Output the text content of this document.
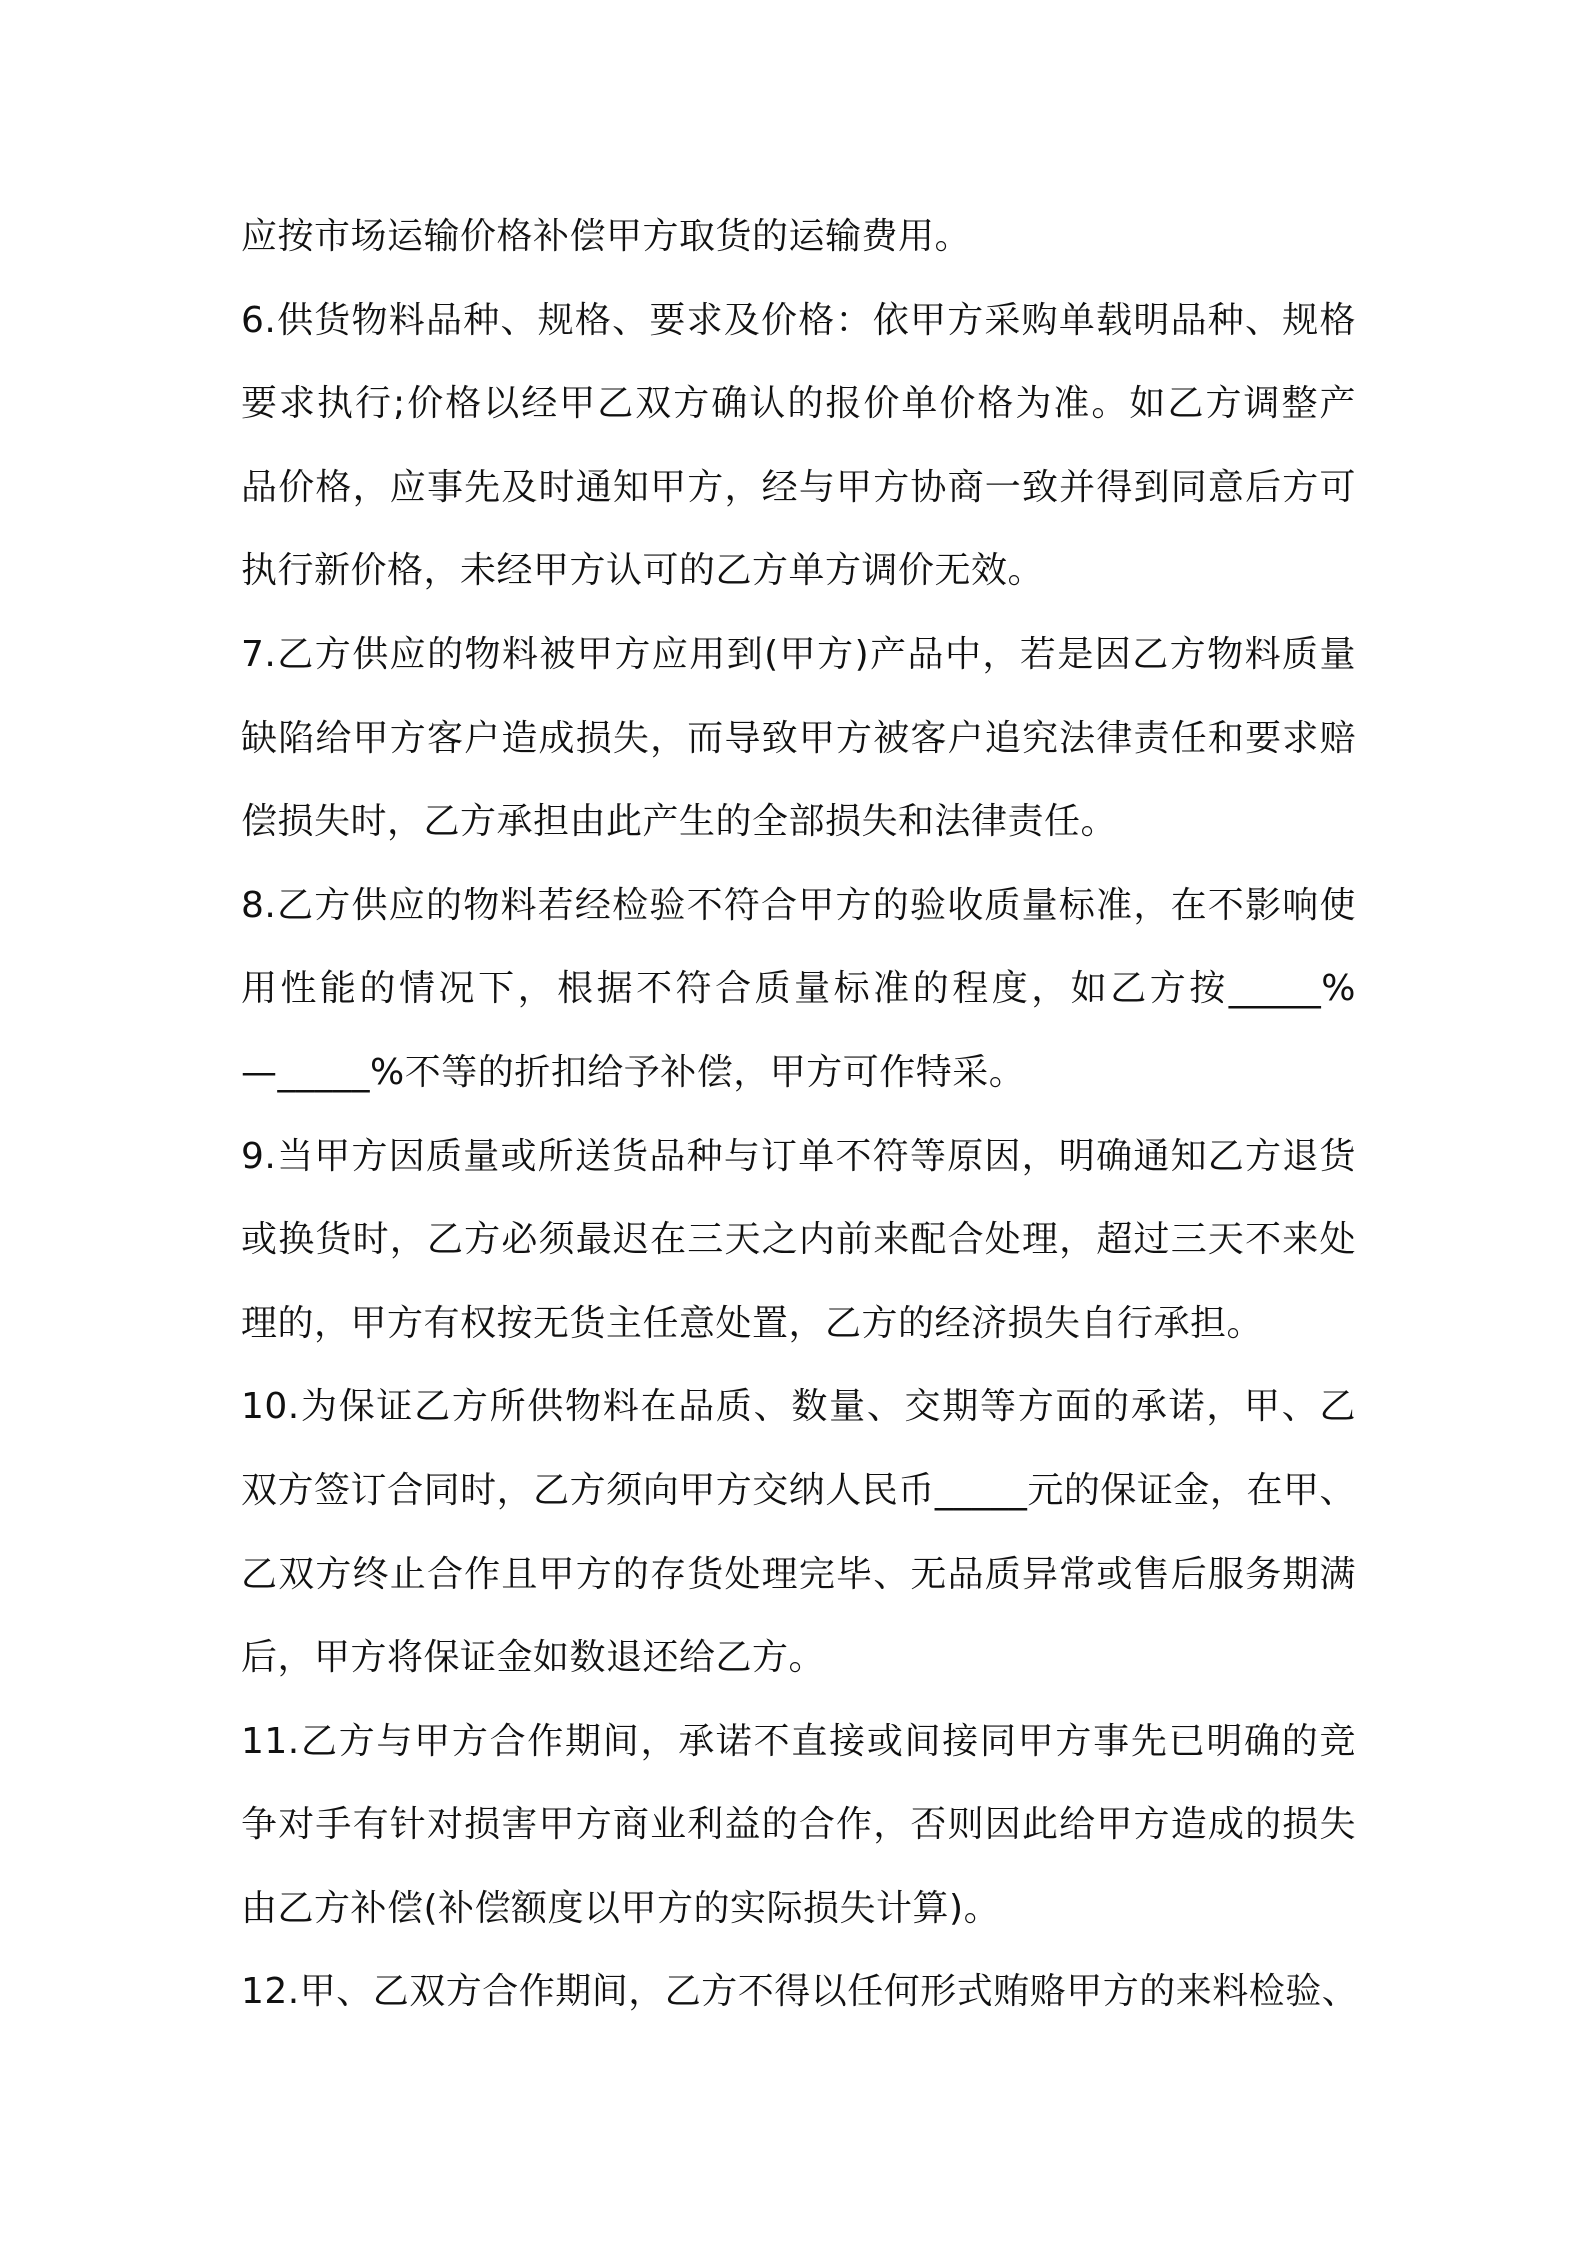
应按市场运输价格补偿甲方取货的运输费用。

6.供货物料品种、规格、要求及价格：依甲方采购单载明品种、规格
要求执行;价格以经甲乙双方确认的报价单价格为准。如乙方调整产
品价格，应事先及时通知甲方，经与甲方协商一致并得到同意后方可
执行新价格，未经甲方认可的乙方单方调价无效。

7.乙方供应的物料被甲方应用到(甲方)产品中，若是因乙方物料质量
缺陷给甲方客户造成损失，而导致甲方被客户追究法律责任和要求赔
偿损失时，乙方承担由此产生的全部损失和法律责任。

8.乙方供应的物料若经检验不符合甲方的验收质量标准，在不影响使
用性能的情况下，根据不符合质量标准的程度，如乙方按_____%
—_____%不等的折扣给予补偿，甲方可作特采。

9.当甲方因质量或所送货品种与订单不符等原因，明确通知乙方退货
或换货时，乙方必须最迟在三天之内前来配合处理，超过三天不来处
理的，甲方有权按无货主任意处置，乙方的经济损失自行承担。

10.为保证乙方所供物料在品质、数量、交期等方面的承诺，甲、乙
双方签订合同时，乙方须向甲方交纳人民币_____元的保证金，在甲、
乙双方终止合作且甲方的存货处理完毕、无品质异常或售后服务期满
后，甲方将保证金如数退还给乙方。

11.乙方与甲方合作期间，承诺不直接或间接同甲方事先已明确的竞
争对手有针对损害甲方商业利益的合作，否则因此给甲方造成的损失
由乙方补偿(补偿额度以甲方的实际损失计算)。

12.甲、乙双方合作期间，乙方不得以任何形式贿赂甲方的来料检验、
